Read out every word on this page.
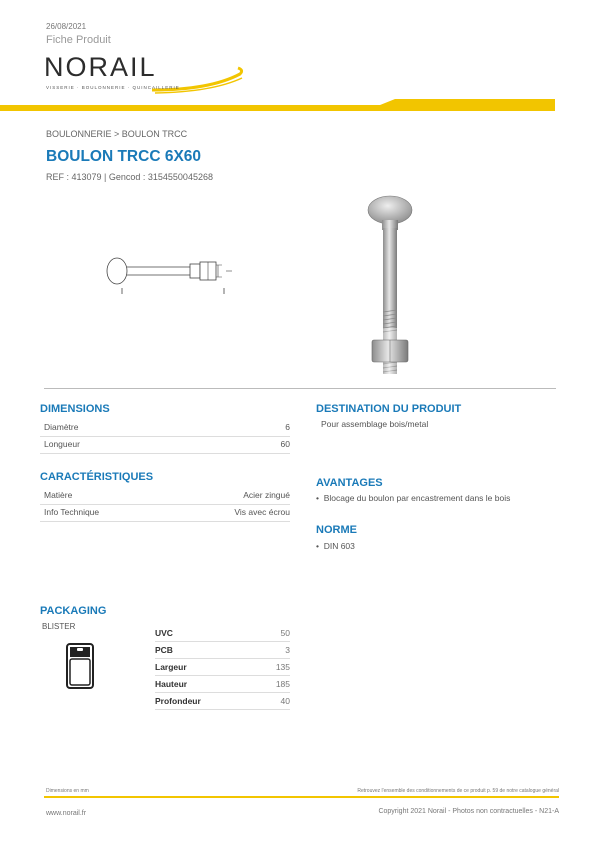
26/08/2021
Fiche Produit
NORAIL
VISSERIE · BOULONNERIE · QUINCAILLERIE
BOULONNERIE > BOULON TRCC
BOULON TRCC 6X60
REF : 413079 | Gencod : 3154550045268
DIMENSIONS
Diamètre	6
Longueur	60
CARACTÉRISTIQUES
Matière	Acier zingué
Info Technique	Vis avec écrou
DESTINATION DU PRODUIT
Pour assemblage bois/metal
AVANTAGES
•  Blocage du boulon par encastrement dans le bois
NORME
•  DIN 603
PACKAGING
BLISTER
UVC	50
PCB	3
Largeur	135
Hauteur	185
Profondeur	40
Dimensions en mm	Retrouvez l'ensemble des conditionnements de ce produit p. 59 de notre catalogue général
www.norail.fr	Copyright 2021 Norail - Photos non contractuelles - N21-A
